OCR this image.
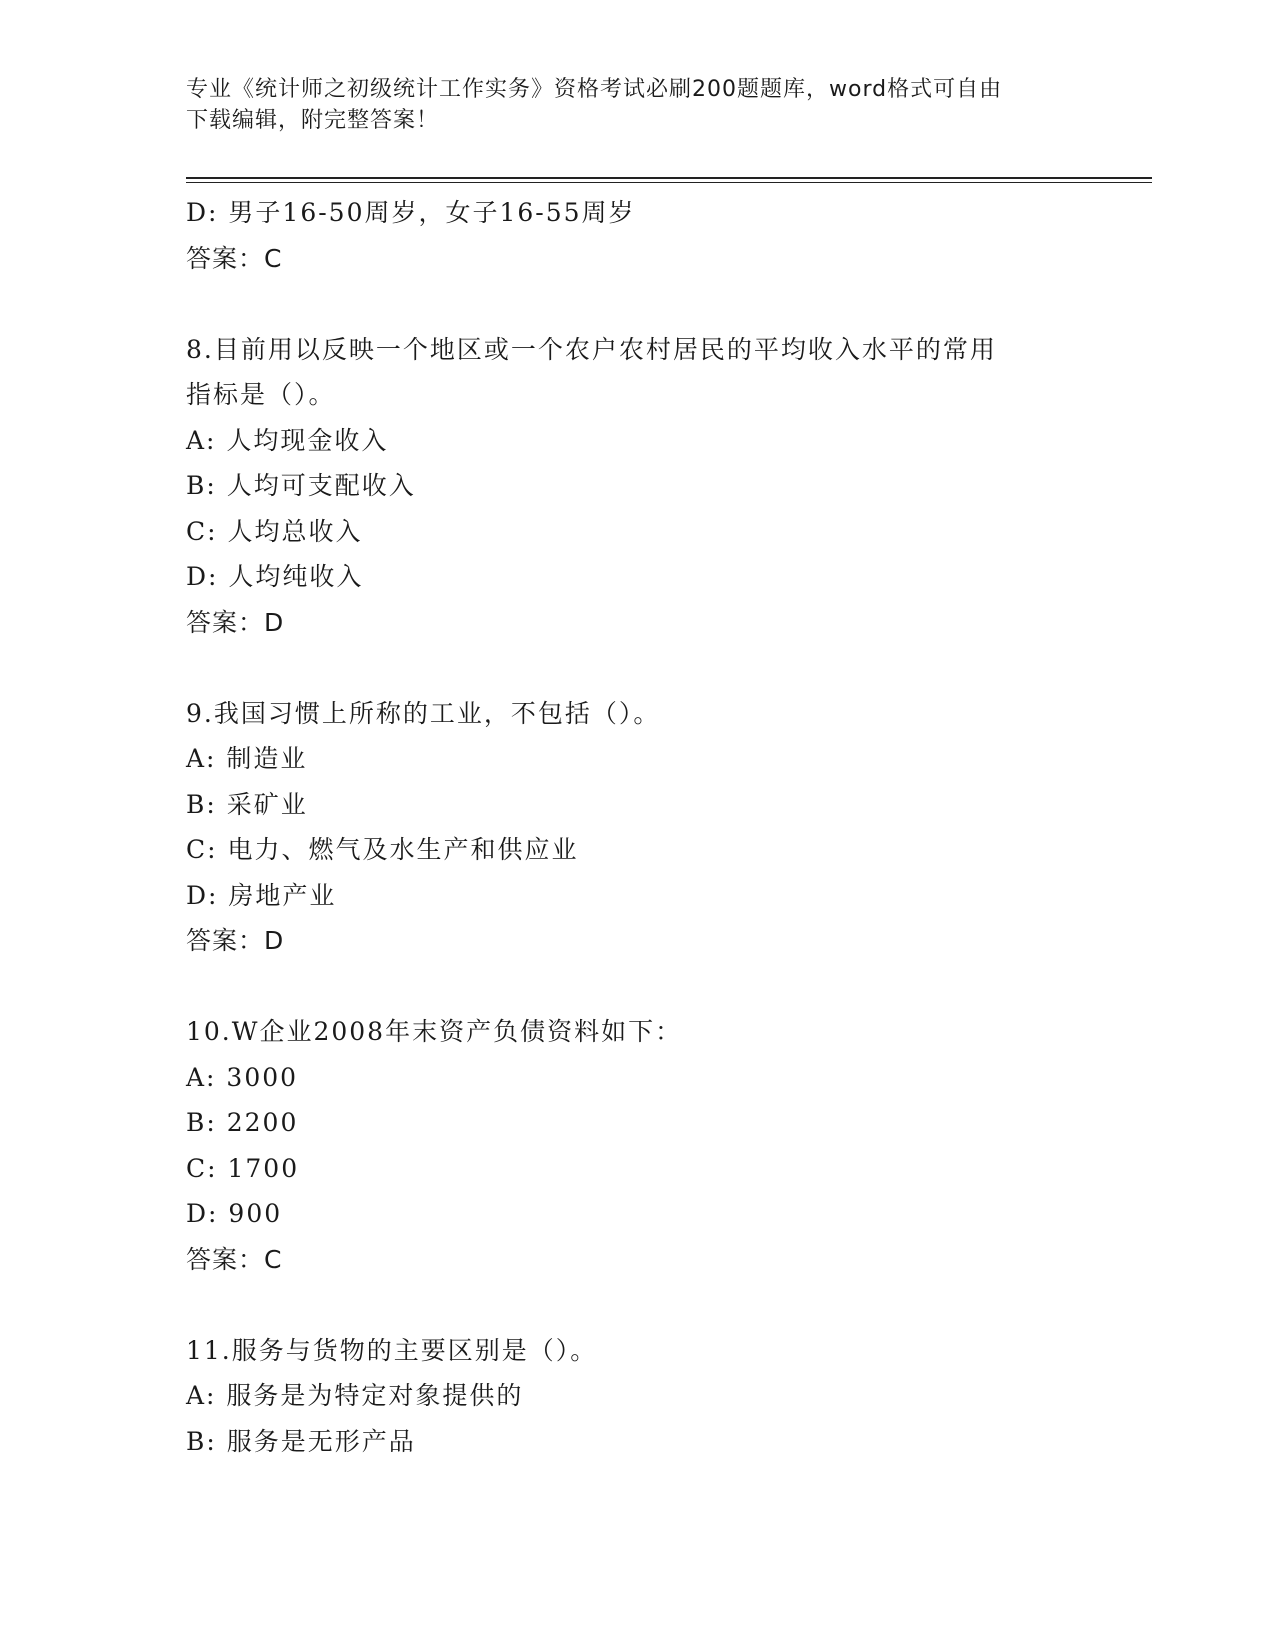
专业《统计师之初级统计工作实务》资格考试必刷200题题库，word格式可自由
下载编辑，附完整答案！
D: 男子16-50周岁，女子16-55周岁
答案：C
8.目前用以反映一个地区或一个农户农村居民的平均收入水平的常用
指标是（）。
A: 人均现金收入
B: 人均可支配收入
C: 人均总收入
D: 人均纯收入
答案：D
9.我国习惯上所称的工业，不包括（）。
A: 制造业
B: 采矿业
C: 电力、燃气及水生产和供应业
D: 房地产业
答案：D
10.W企业2008年末资产负债资料如下：
A: 3000
B: 2200
C: 1700
D: 900
答案：C
11.服务与货物的主要区别是（）。
A: 服务是为特定对象提供的
B: 服务是无形产品
